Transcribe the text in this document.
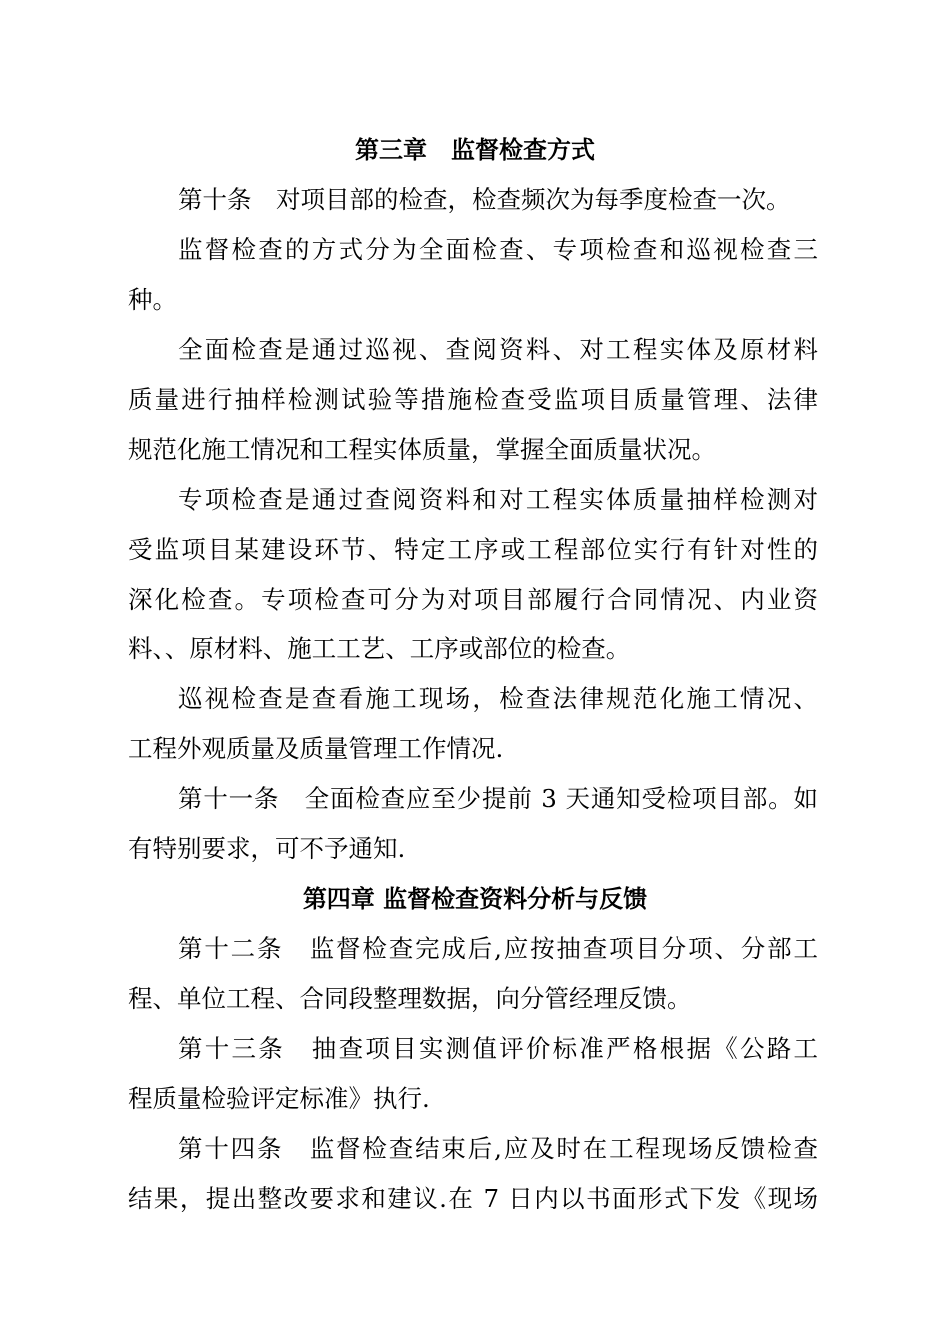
第三章　监督检查方式
第十条　对项目部的检查，检查频次为每季度检查一次。
监督检查的方式分为全面检查、专项检查和巡视检查三
种。
全面检查是通过巡视、查阅资料、对工程实体及原材料
质量进行抽样检测试验等措施检查受监项目质量管理、法律
规范化施工情况和工程实体质量，掌握全面质量状况。
专项检查是通过查阅资料和对工程实体质量抽样检测对
受监项目某建设环节、特定工序或工程部位实行有针对性的
深化检查。专项检查可分为对项目部履行合同情况、内业资
料、、原材料、施工工艺、工序或部位的检查。
巡视检查是查看施工现场，检查法律规范化施工情况、
工程外观质量及质量管理工作情况.
第十一条　全面检查应至少提前 3 天通知受检项目部。如
有特别要求，可不予通知.
第四章 监督检查资料分析与反馈
第十二条　监督检查完成后,应按抽查项目分项、分部工
程、单位工程、合同段整理数据，向分管经理反馈。
第十三条　抽查项目实测值评价标准严格根据《公路工
程质量检验评定标准》执行.
第十四条　监督检查结束后,应及时在工程现场反馈检查
结果，提出整改要求和建议.在 7 日内以书面形式下发《现场
